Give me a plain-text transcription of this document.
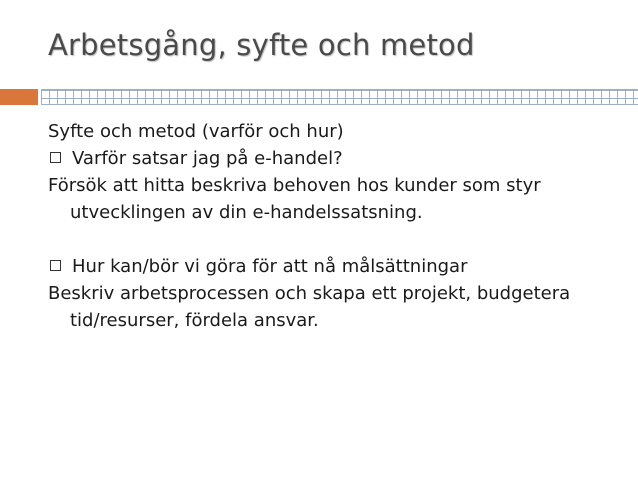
Arbetsgång, syfte och metod

Syfte och metod (varför och hur)

Varför satsar jag på e-handel?

Försök att hitta beskriva behoven hos kunder som styr utvecklingen av din e-handelssatsning.

Hur kan/bör vi göra för att nå målsättningar

Beskriv arbetsprocessen och skapa ett projekt, budgetera tid/resurser, fördela ansvar.
